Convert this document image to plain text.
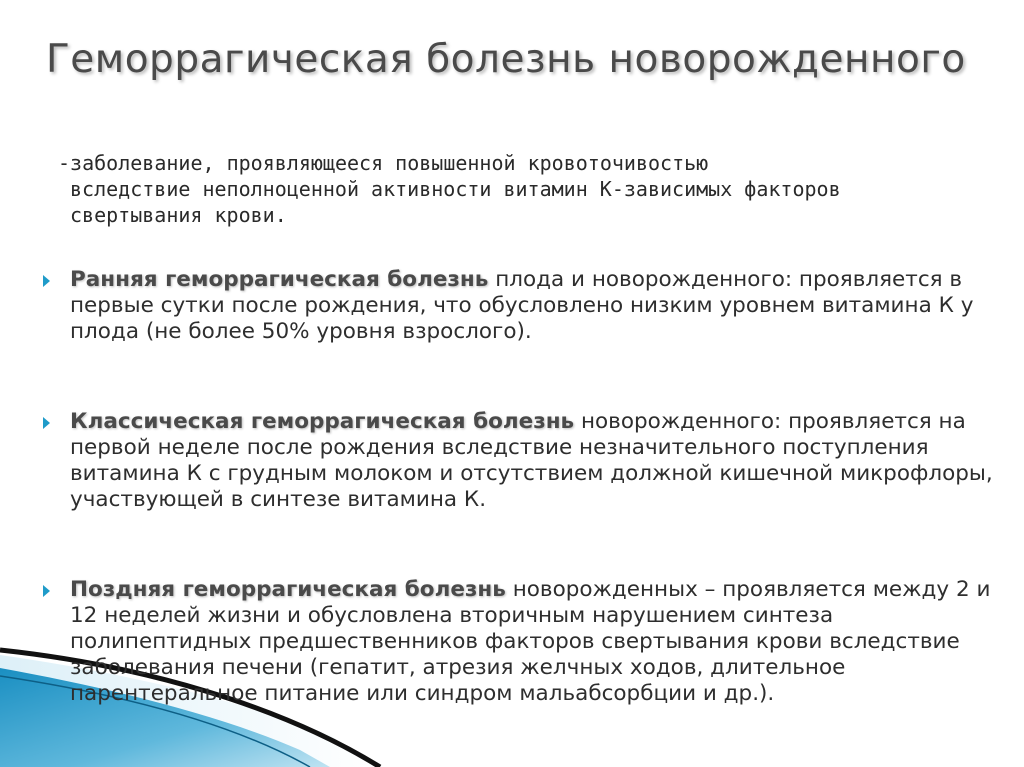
Геморрагическая болезнь новорожденного
-заболевание, проявляющееся повышенной кровоточивостью
вследствие неполноценной активности витамин К-зависимых факторов свертывания крови.
Ранняя геморрагическая болезнь плода и новорожденного: проявляется в первые сутки после рождения, что обусловлено низким уровнем витамина К у плода (не более 50% уровня взрослого).
Классическая геморрагическая болезнь новорожденного: проявляется на первой неделе после рождения вследствие незначительного поступления витамина К с грудным молоком и отсутствием должной кишечной микрофлоры, участвующей в синтезе витамина К.
Поздняя геморрагическая болезнь новорожденных – проявляется между 2 и 12 неделей жизни и обусловлена вторичным нарушением синтеза полипептидных предшественников факторов свертывания крови вследствие заболевания печени (гепатит, атрезия желчных ходов, длительное парентеральное питание или синдром мальабсорбции и др.).
